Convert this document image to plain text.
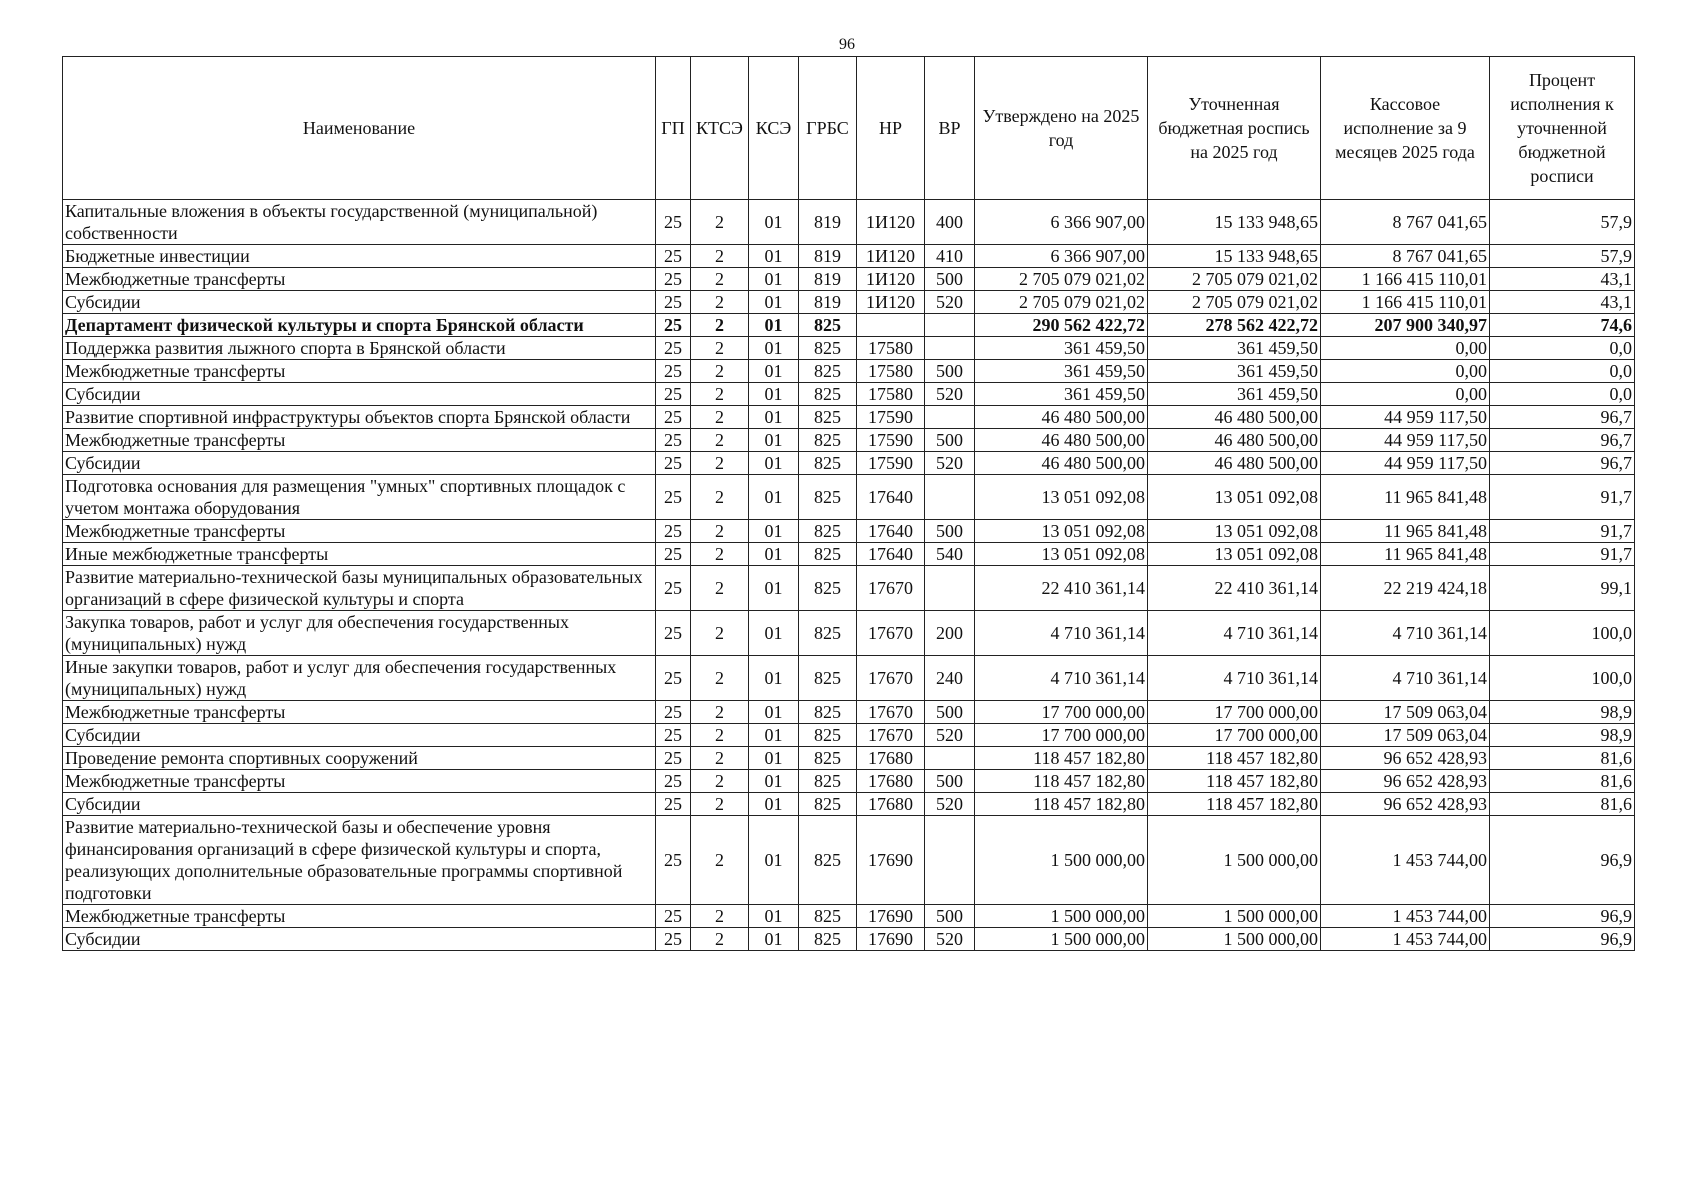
96
Наименование	ГП	КТСЭ	КСЭ	ГРБС	НР	ВР	Утверждено на 2025 год	Уточненная бюджетная роспись на 2025 год	Кассовое исполнение за 9 месяцев 2025 года	Процент исполнения к уточненной бюджетной росписи
Капитальные вложения в объекты государственной (муниципальной) собственности	25	2	01	819	1И120	400	6 366 907,00	15 133 948,65	8 767 041,65	57,9
Бюджетные инвестиции	25	2	01	819	1И120	410	6 366 907,00	15 133 948,65	8 767 041,65	57,9
Межбюджетные трансферты	25	2	01	819	1И120	500	2 705 079 021,02	2 705 079 021,02	1 166 415 110,01	43,1
Субсидии	25	2	01	819	1И120	520	2 705 079 021,02	2 705 079 021,02	1 166 415 110,01	43,1
Департамент физической культуры и спорта Брянской области	25	2	01	825			290 562 422,72	278 562 422,72	207 900 340,97	74,6
Поддержка развития лыжного спорта в Брянской области	25	2	01	825	17580		361 459,50	361 459,50	0,00	0,0
Межбюджетные трансферты	25	2	01	825	17580	500	361 459,50	361 459,50	0,00	0,0
Субсидии	25	2	01	825	17580	520	361 459,50	361 459,50	0,00	0,0
Развитие спортивной инфраструктуры объектов спорта Брянской области	25	2	01	825	17590		46 480 500,00	46 480 500,00	44 959 117,50	96,7
Межбюджетные трансферты	25	2	01	825	17590	500	46 480 500,00	46 480 500,00	44 959 117,50	96,7
Субсидии	25	2	01	825	17590	520	46 480 500,00	46 480 500,00	44 959 117,50	96,7
Подготовка основания для размещения "умных" спортивных площадок с учетом монтажа оборудования	25	2	01	825	17640		13 051 092,08	13 051 092,08	11 965 841,48	91,7
Межбюджетные трансферты	25	2	01	825	17640	500	13 051 092,08	13 051 092,08	11 965 841,48	91,7
Иные межбюджетные трансферты	25	2	01	825	17640	540	13 051 092,08	13 051 092,08	11 965 841,48	91,7
Развитие материально-технической базы муниципальных образовательных организаций в сфере физической культуры и спорта	25	2	01	825	17670		22 410 361,14	22 410 361,14	22 219 424,18	99,1
Закупка товаров, работ и услуг для обеспечения государственных (муниципальных) нужд	25	2	01	825	17670	200	4 710 361,14	4 710 361,14	4 710 361,14	100,0
Иные закупки товаров, работ и услуг для обеспечения государственных (муниципальных) нужд	25	2	01	825	17670	240	4 710 361,14	4 710 361,14	4 710 361,14	100,0
Межбюджетные трансферты	25	2	01	825	17670	500	17 700 000,00	17 700 000,00	17 509 063,04	98,9
Субсидии	25	2	01	825	17670	520	17 700 000,00	17 700 000,00	17 509 063,04	98,9
Проведение ремонта спортивных сооружений	25	2	01	825	17680		118 457 182,80	118 457 182,80	96 652 428,93	81,6
Межбюджетные трансферты	25	2	01	825	17680	500	118 457 182,80	118 457 182,80	96 652 428,93	81,6
Субсидии	25	2	01	825	17680	520	118 457 182,80	118 457 182,80	96 652 428,93	81,6
Развитие материально-технической базы и обеспечение уровня финансирования организаций в сфере физической культуры и спорта, реализующих дополнительные образовательные программы спортивной подготовки	25	2	01	825	17690		1 500 000,00	1 500 000,00	1 453 744,00	96,9
Межбюджетные трансферты	25	2	01	825	17690	500	1 500 000,00	1 500 000,00	1 453 744,00	96,9
Субсидии	25	2	01	825	17690	520	1 500 000,00	1 500 000,00	1 453 744,00	96,9
